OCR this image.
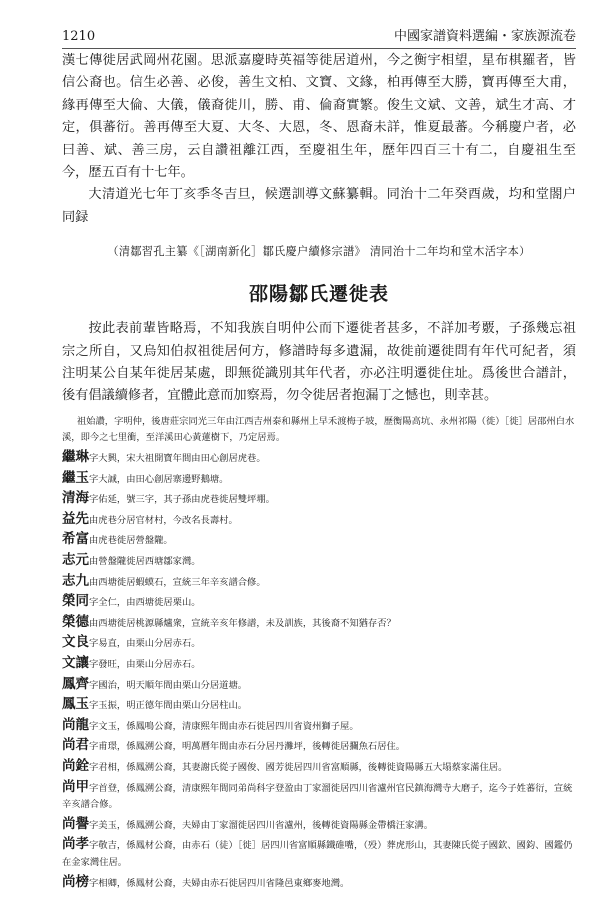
1210	中國家譜資料選編・家族源流卷

漢七傳徙居武岡州花園。思派嘉慶時英福等徙居道州，今之衡宇相望，星布棋羅者，皆信公裔也。信生必善、必俊，善生文柏、文寶、文緣，柏再傳至大勝，寶再傳至大甫，緣再傳至大倫、大儀，儀裔徙川，勝、甫、倫裔實繁。俊生文斌、文善，斌生才高、才定，俱蕃衍。善再傳至大夏、大冬、大恩，冬、恩裔未詳，惟夏最蕃。今稱慶户者，必曰善、斌、善三房，云自讚祖離江西，至慶祖生年，歷年四百三十有二，自慶祖生至今，歷五百有十七年。

大清道光七年丁亥季冬吉旦，候選訓導文蘇纂輯。同治十二年癸酉歲，均和堂閤户同録

（清鄒習孔主纂《［湖南新化］鄒氏慶户續修宗譜》 清同治十二年均和堂木活字本）

邵陽鄒氏遷徙表

按此表前輩皆略焉，不知我族自明仲公而下遷徙者甚多，不詳加考覈，子孫幾忘祖宗之所自，又烏知伯叔祖徙居何方，修譜時每多遺漏，故徙前遷徙問有年代可紀者，須注明某公自某年徙居某處，即無從識別其年代者，亦必注明遷徙住址。爲後世合譜計，後有倡議續修者，宜體此意而加察焉，勿令徙居者抱漏丁之憾也，則幸甚。

祖始讚，字明仲，後唐莊宗同光三年由江西吉州泰和縣州上早禾渡梅子坡，歷衡陽高坑、永州祁陽（徙）［徙］居邵州白水溪，即今之七里衝，至洋溪田心黃蓮樹下，乃定居焉。

繼琳字大興，宋大祖開寶年間由田心創居虎巷。

繼玉字大誠，由田心創居寨邊野鵝塘。

清海字佑延，號三字，其子孫由虎巷徙居雙坪堋。

益先由虎巷分居官材村，今改名長壽村。

希富由虎巷徙居營盤隴。

志元由營盤隴徙居西塘鄒家灣。

志九由西塘徙居蝦蟆石，宣統三年辛亥譜合修。

榮同字全仁，由西塘徙居栗山。

榮德由西塘徙居桃源縣爐衆，宣統辛亥年修譜，未及訓族，其後裔不知猶存否？

文良字易直，由栗山分居赤石。

文讓字發旺，由栗山分居赤石。

鳳齊字國治，明天順年間由栗山分居道塘。

鳳玉字玉振，明正德年間由栗山分居柱山。

尚龍字文玉，係鳳鳴公裔，清康熙年間由赤石徙居四川省資州獅子屋。

尚君字甫璟，係鳳溯公裔，明萬曆年間由赤石分居丹灘坪，後轉徙居攔魚石居住。

尚銓字君相，係鳳溯公裔，其妻謝氏從子國俊、國芳徙居四川省富順縣，後轉徙資陽縣五大塌蔡家滿住居。

尚甲字首登，係鳳溯公裔，清康熙年間同弟尚科字登盈由丁家溜徙居四川省瀘州官民鎮海灣寺大磨子，迄今子姓蕃衍，宣統辛亥譜合修。

尚譽字美玉，係鳳溯公裔，夫婦由丁家溜徙居四川省瀘州，後轉徙資陽縣金帶橋汪家溝。

尚孝字敬吉，係鳳材公裔，由赤石（徒）［徙］居四川省富順縣鐵碓嘴，（殁）葬虎形山，其妻陳氏從子國欽、國鈞、國鑑仍在金家灣住居。

尚榜字相卿，係鳳材公裔，夫婦由赤石徙居四川省隆邑東鄉麥地灣。
